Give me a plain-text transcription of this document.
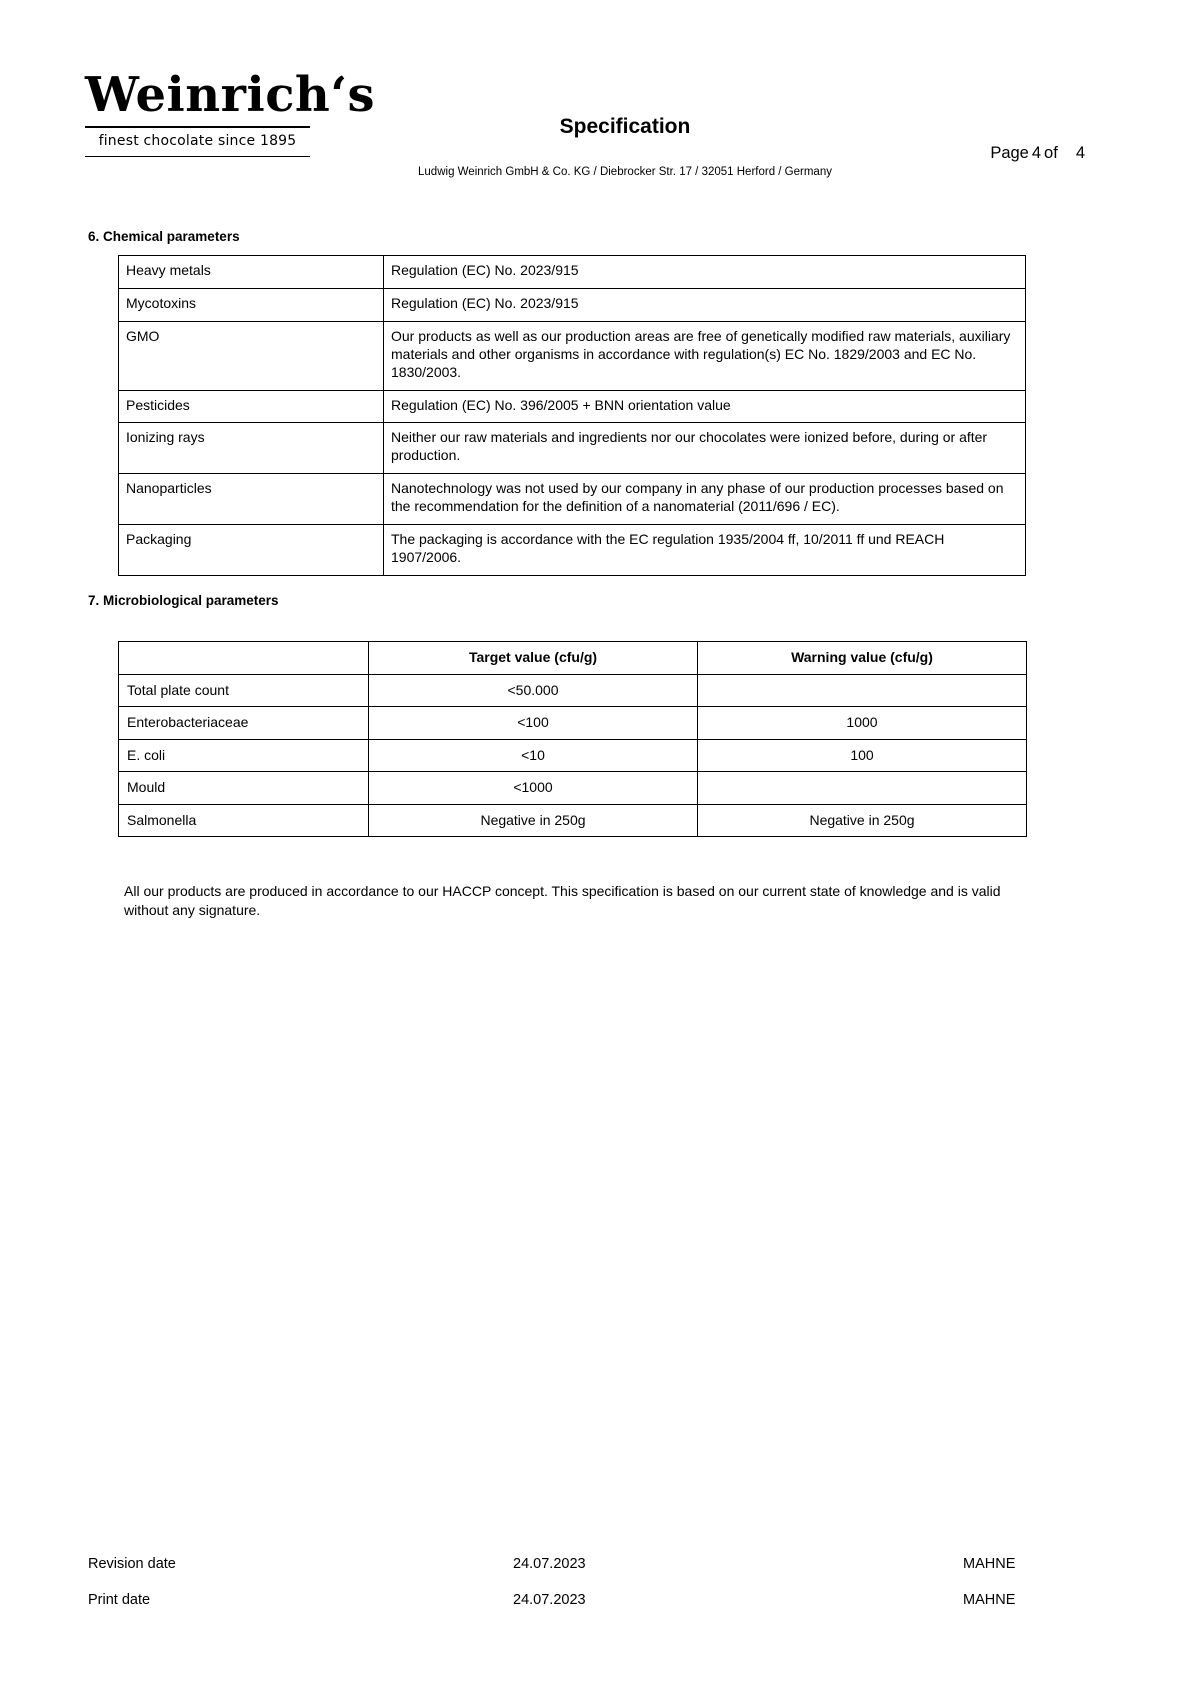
Weinrich‘s
finest chocolate since 1895
Specification
Ludwig Weinrich GmbH & Co. KG / Diebrocker Str. 17 / 32051 Herford / Germany
Page 4 of 4
6. Chemical parameters
Heavy metals	Regulation (EC) No. 2023/915
Mycotoxins	Regulation (EC) No. 2023/915
GMO	Our products as well as our production areas are free of genetically modified raw materials, auxiliary materials and other organisms in accordance with regulation(s) EC No. 1829/2003 and EC No. 1830/2003.
Pesticides	Regulation (EC) No. 396/2005 + BNN orientation value
Ionizing rays	Neither our raw materials and ingredients nor our chocolates were ionized before, during or after production.
Nanoparticles	Nanotechnology was not used by our company in any phase of our production processes based on the recommendation for the definition of a nanomaterial (2011/696 / EC).
Packaging	The packaging is accordance with the EC regulation 1935/2004 ff, 10/2011 ff und REACH 1907/2006.
7. Microbiological parameters
	Target value (cfu/g)	Warning value (cfu/g)
Total plate count	<50.000	
Enterobacteriaceae	<100	1000
E. coli	<10	100
Mould	<1000	
Salmonella	Negative in 250g	Negative in 250g
All our products are produced in accordance to our HACCP concept. This specification is based on our current state of knowledge and is valid without any signature.
Revision date	24.07.2023	MAHNE
Print date	24.07.2023	MAHNE
